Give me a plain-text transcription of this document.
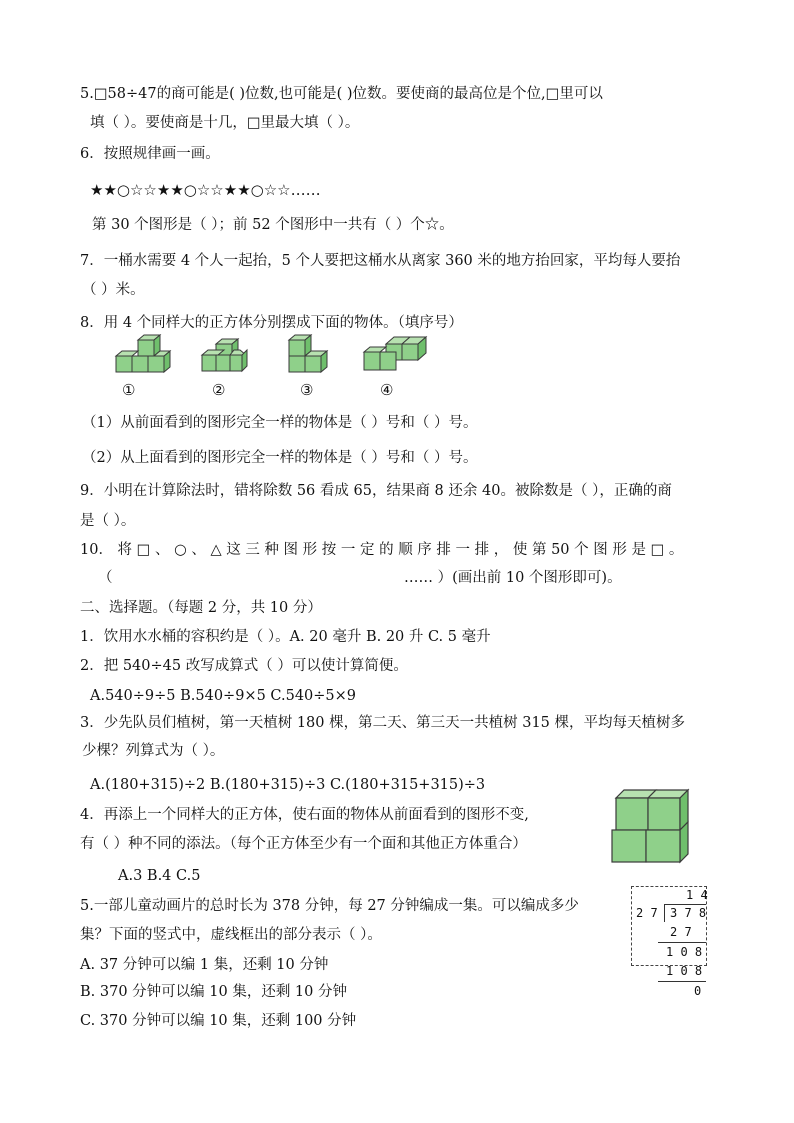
5.□58÷47的商可能是( )位数,也可能是( )位数。要使商的最高位是个位,□里可以
填（ ）。要使商是十几，□里最大填（ ）。
6．按照规律画一画。
★★○☆☆★★○☆☆★★○☆☆……
第 30 个图形是（ ）；前 52 个图形中一共有（ ）个☆。
7．一桶水需要 4 个人一起抬，5 个人要把这桶水从离家 360 米的地方抬回家，平均每人要抬
（ ）米。
8．用 4 个同样大的正方体分别摆成下面的物体。（填序号）
①	②	③	④
（1）从前面看到的图形完全一样的物体是（ ）号和（ ）号。
（2）从上面看到的图形完全一样的物体是（ ）号和（ ）号。
9．小明在计算除法时，错将除数 56 看成 65，结果商 8 还余 40。被除数是（ ），正确的商
是（ ）。
10． 将 □ 、 ○ 、 △ 这 三 种 图 形 按 一 定 的 顺 序 排 一 排 ， 使 第 50 个 图 形 是 □ 。
（	…… ）(画出前 10 个图形即可)。
二、选择题。（每题 2 分，共 10 分）
1．饮用水水桶的容积约是（ ）。A. 20 毫升 B. 20 升 C. 5 毫升
2．把 540÷45 改写成算式（ ）可以使计算简便。
A.540÷9÷5 B.540÷9×5 C.540÷5×9
3．少先队员们植树，第一天植树 180 棵，第二天、第三天一共植树 315 棵，平均每天植树多
少棵？列算式为（ ）。
A.(180+315)÷2 B.(180+315)÷3 C.(180+315+315)÷3
4．再添上一个同样大的正方体，使右面的物体从前面看到的图形不变,
有（ ）种不同的添法。（每个正方体至少有一个面和其他正方体重合）
A.3 B.4 C.5
5.一部儿童动画片的总时长为 378 分钟，每 27 分钟编成一集。可以编成多少
集？下面的竖式中，虚线框出的部分表示（ ）。
A. 37 分钟可以编 1 集，还剩 10 分钟
B. 370 分钟可以编 10 集，还剩 10 分钟
C. 370 分钟可以编 10 集，还剩 100 分钟
1 4
2 7 3 7 8
2 7
1 0 8
1 0 8
0
